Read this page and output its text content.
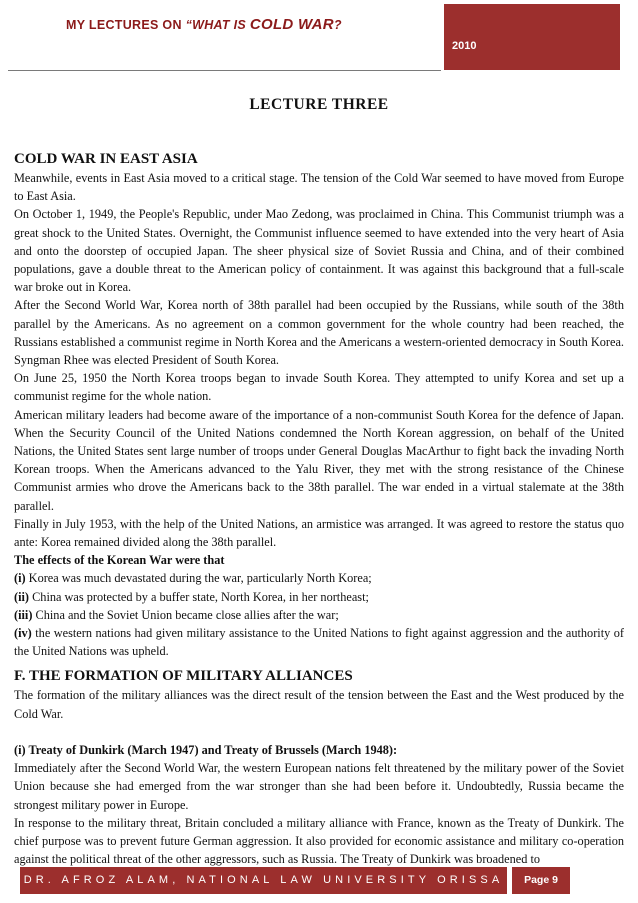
MY LECTURES ON “WHAT IS COLD WAR?
2010
LECTURE THREE
COLD WAR IN EAST ASIA

Meanwhile, events in East Asia moved to a critical stage. The tension of the Cold War seemed to have moved from Europe to East Asia.

On October 1, 1949, the People's Republic, under Mao Zedong, was proclaimed in China. This Communist triumph was a great shock to the United States. Overnight, the Communist influence seemed to have extended into the very heart of Asia and onto the doorstep of occupied Japan. The sheer physical size of Soviet Russia and China, and of their combined populations, gave a double threat to the American policy of containment. It was against this background that a full-scale war broke out in Korea.

After the Second World War, Korea north of 38th parallel had been occupied by the Russians, while south of the 38th parallel by the Americans. As no agreement on a common government for the whole country had been reached, the Russians established a communist regime in North Korea and the Americans a western-oriented democracy in South Korea. Syngman Rhee was elected President of South Korea.

On June 25, 1950 the North Korea troops began to invade South Korea. They attempted to unify Korea and set up a communist regime for the whole nation.

American military leaders had become aware of the importance of a non-communist South Korea for the defence of Japan. When the Security Council of the United Nations condemned the North Korean aggression, on behalf of the United Nations, the United States sent large number of troops under General Douglas MacArthur to fight back the invading North Korean troops. When the Americans advanced to the Yalu River, they met with the strong resistance of the Chinese Communist armies who drove the Americans back to the 38th parallel. The war ended in a virtual stalemate at the 38th parallel.

Finally in July 1953, with the help of the United Nations, an armistice was arranged. It was agreed to restore the status quo ante: Korea remained divided along the 38th parallel.

The effects of the Korean War were that

(i) Korea was much devastated during the war, particularly North Korea;

(ii) China was protected by a buffer state, North Korea, in her northeast;

(iii) China and the Soviet Union became close allies after the war;

(iv) the western nations had given military assistance to the United Nations to fight against aggression and the authority of the United Nations was upheld.

F. THE FORMATION OF MILITARY ALLIANCES

The formation of the military alliances was the direct result of the tension between the East and the West produced by the Cold War.

(i) Treaty of Dunkirk (March 1947) and Treaty of Brussels (March 1948):

Immediately after the Second World War, the western European nations felt threatened by the military power of the Soviet Union because she had emerged from the war stronger than she had been before it. Undoubtedly, Russia became the strongest military power in Europe.

In response to the military threat, Britain concluded a military alliance with France, known as the Treaty of Dunkirk. The chief purpose was to prevent future German aggression. It also provided for economic assistance and military co-operation against the political threat of the other aggressors, such as Russia. The Treaty of Dunkirk was broadened to

DR. AFROZ ALAM, NATIONAL LAW UNIVERSITY ORISSA	Page 9
